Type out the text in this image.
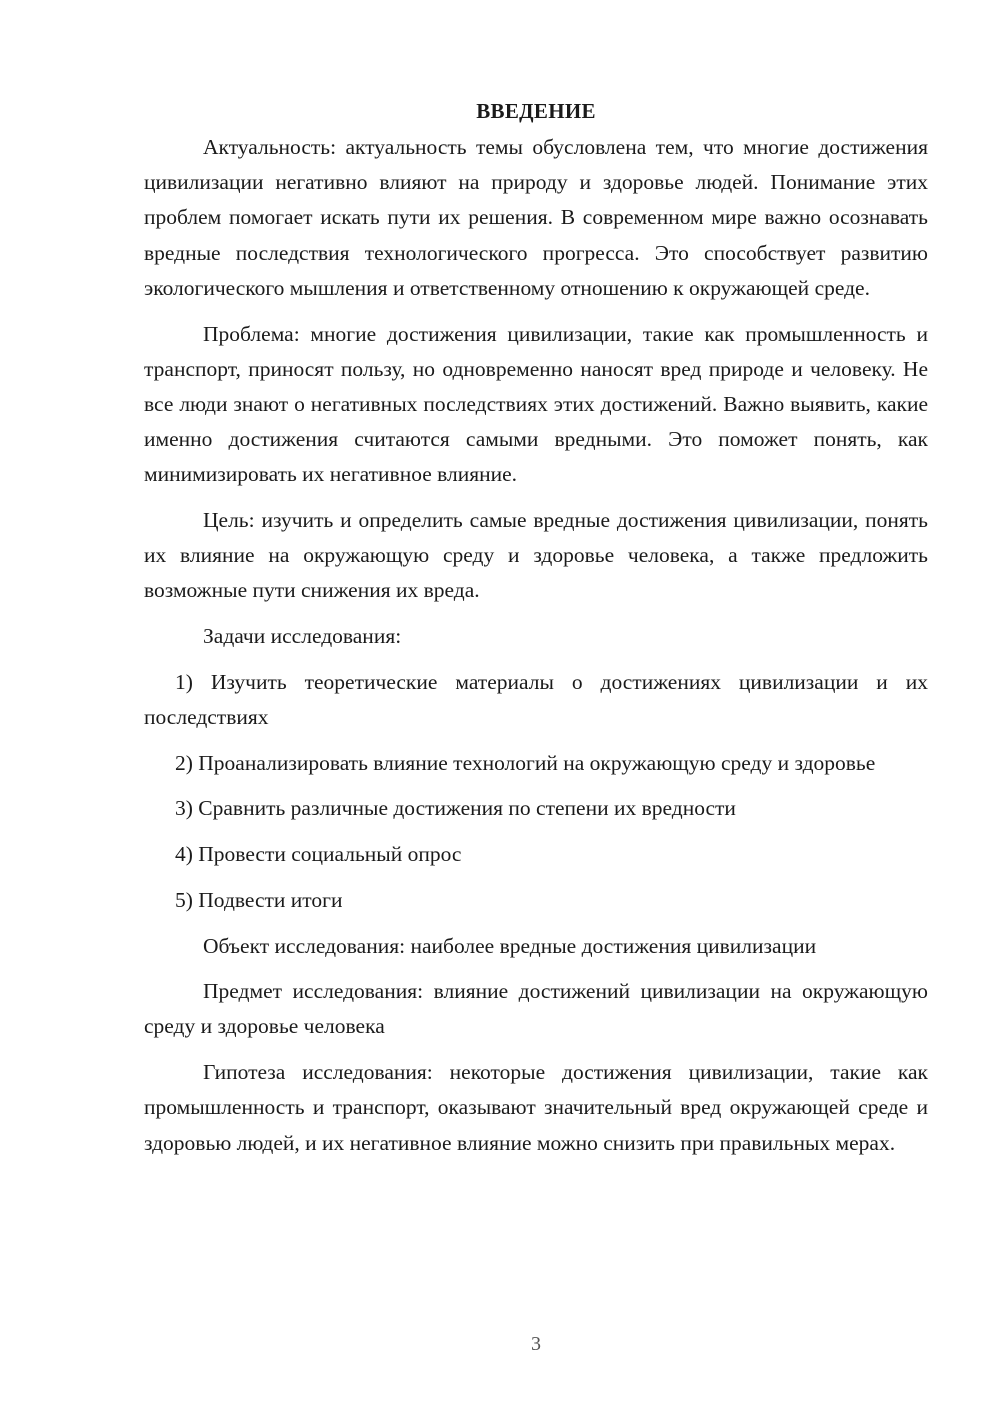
ВВЕДЕНИЕ

Актуальность: актуальность темы обусловлена тем, что многие достижения цивилизации негативно влияют на природу и здоровье людей. Понимание этих проблем помогает искать пути их решения. В современном мире важно осознавать вредные последствия технологического прогресса. Это способствует развитию экологического мышления и ответственному отношению к окружающей среде.

Проблема: многие достижения цивилизации, такие как промышленность и транспорт, приносят пользу, но одновременно наносят вред природе и человеку. Не все люди знают о негативных последствиях этих достижений. Важно выявить, какие именно достижения считаются самыми вредными. Это поможет понять, как минимизировать их негативное влияние.

Цель: изучить и определить самые вредные достижения цивилизации, понять их влияние на окружающую среду и здоровье человека, а также предложить возможные пути снижения их вреда.

Задачи исследования:

1) Изучить теоретические материалы о достижениях цивилизации и их последствиях

2) Проанализировать влияние технологий на окружающую среду и здоровье

3) Сравнить различные достижения по степени их вредности

4) Провести социальный опрос

5) Подвести итоги

Объект исследования: наиболее вредные достижения цивилизации

Предмет исследования: влияние достижений цивилизации на окружающую среду и здоровье человека

Гипотеза исследования: некоторые достижения цивилизации, такие как промышленность и транспорт, оказывают значительный вред окружающей среде и здоровью людей, и их негативное влияние можно снизить при правильных мерах.

3
